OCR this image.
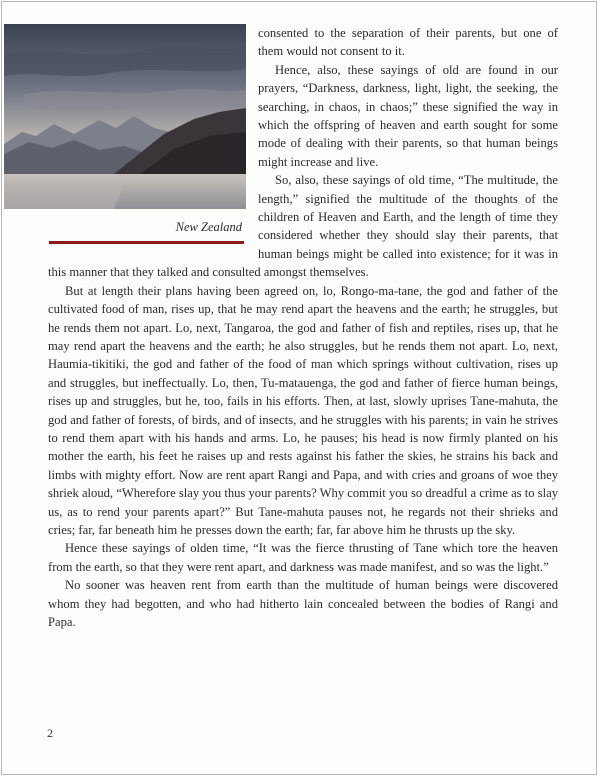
New Zealand

consented to the separation of their parents, but one of them would not consent to it.

Hence, also, these sayings of old are found in our prayers, “Darkness, darkness, light, light, the seeking, the searching, in chaos, in chaos;” these signified the way in which the offspring of heaven and earth sought for some mode of dealing with their parents, so that human beings might increase and live.

So, also, these sayings of old time, “The multitude, the length,” signified the multitude of the thoughts of the children of Heaven and Earth, and the length of time they considered whether they should slay their parents, that human beings might be called into existence; for it was in this manner that they talked and consulted amongst themselves.

But at length their plans having been agreed on, lo, Rongo-ma-tane, the god and father of the cultivated food of man, rises up, that he may rend apart the heavens and the earth; he struggles, but he rends them not apart. Lo, next, Tangaroa, the god and father of fish and reptiles, rises up, that he may rend apart the heavens and the earth; he also struggles, but he rends them not apart. Lo, next, Haumia-tikitiki, the god and father of the food of man which springs without cultivation, rises up and struggles, but ineffectually. Lo, then, Tu-matauenga, the god and father of fierce human beings, rises up and struggles, but he, too, fails in his efforts. Then, at last, slowly uprises Tane-mahuta, the god and father of forests, of birds, and of insects, and he struggles with his parents; in vain he strives to rend them apart with his hands and arms. Lo, he pauses; his head is now firmly planted on his mother the earth, his feet he raises up and rests against his father the skies, he strains his back and limbs with mighty effort. Now are rent apart Rangi and Papa, and with cries and groans of woe they shriek aloud, “Wherefore slay you thus your parents? Why commit you so dreadful a crime as to slay us, as to rend your parents apart?” But Tane-mahuta pauses not, he regards not their shrieks and cries; far, far beneath him he presses down the earth; far, far above him he thrusts up the sky.

Hence these sayings of olden time, “It was the fierce thrusting of Tane which tore the heaven from the earth, so that they were rent apart, and darkness was made manifest, and so was the light.”

No sooner was heaven rent from earth than the multitude of human beings were discovered whom they had begotten, and who had hitherto lain concealed between the bodies of Rangi and Papa.

2
